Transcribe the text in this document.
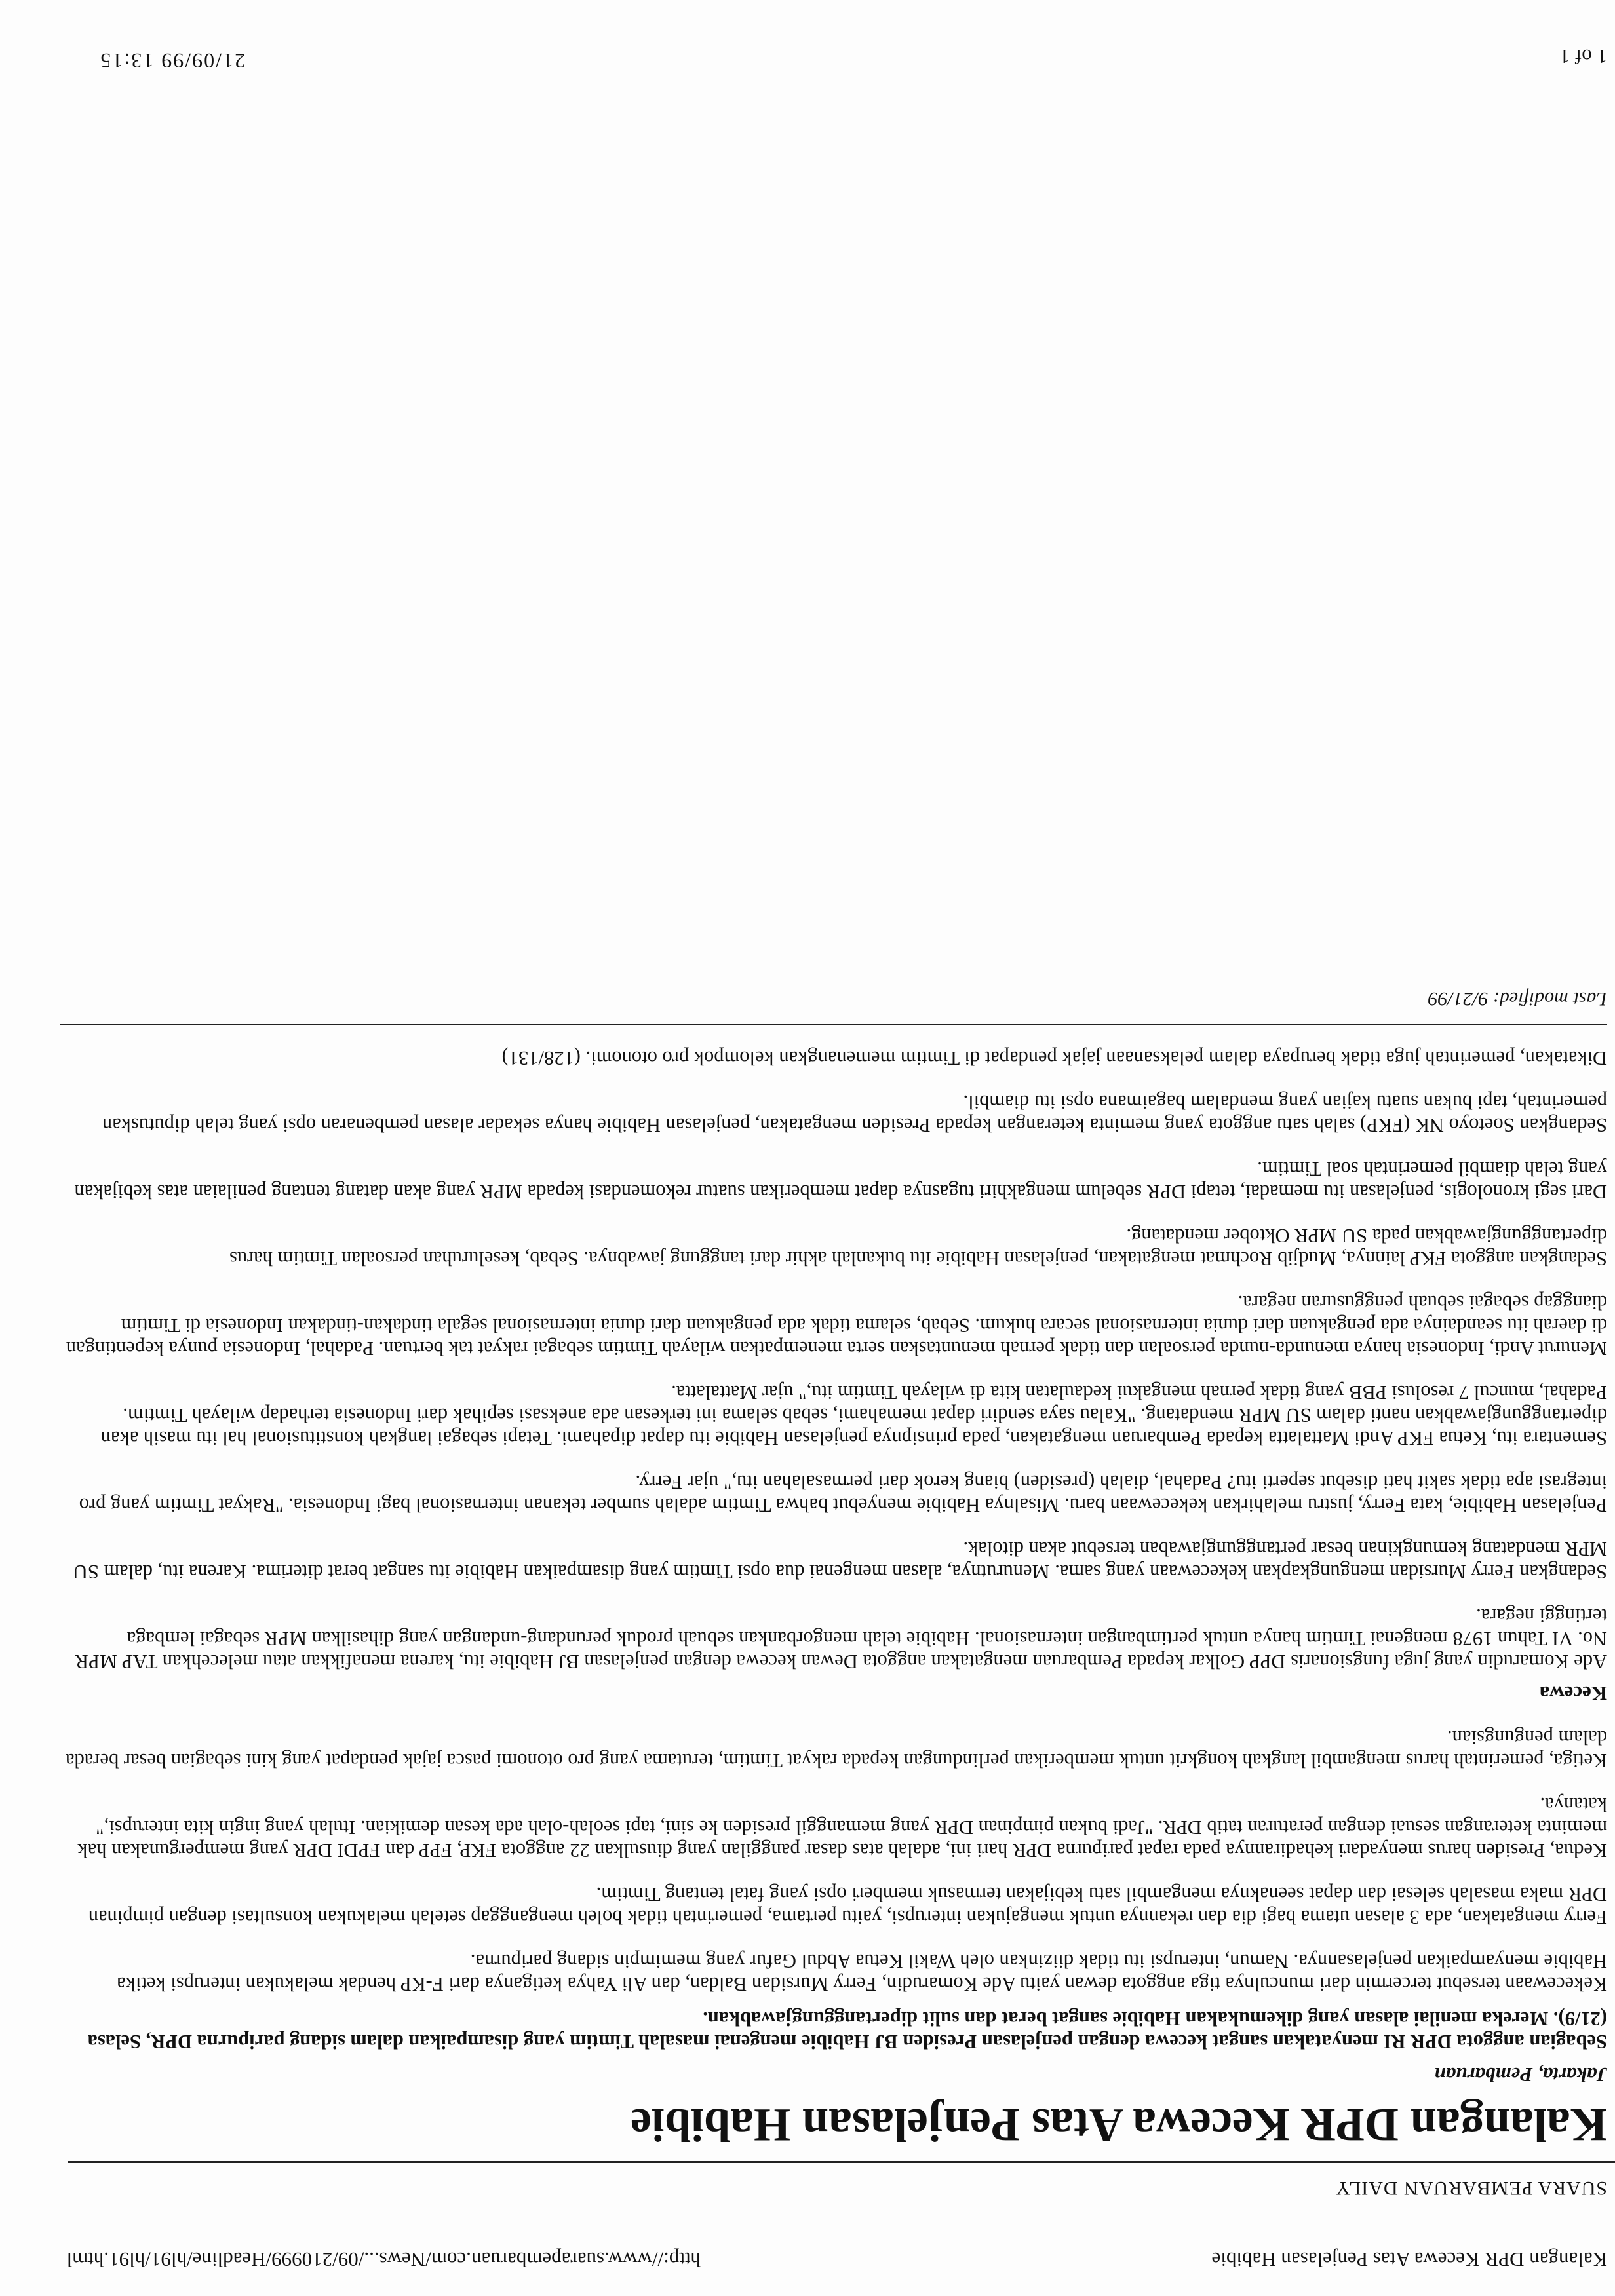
Kalangan DPR Kecewa Atas Penjelasan Habibie
http://www.suarapembaruan.com/News.../09/210999/Headline/hl91/hl91.html
SUARA PEMBARUAN DAILY
Kalangan DPR Kecewa Atas Penjelasan Habibie
Jakarta, Pembaruan
Sebagian anggota DPR RI menyatakan sangat kecewa dengan penjelasan Presiden BJ Habibie mengenai masalah Timtim yang disampaikan dalam sidang paripurna DPR, Selasa (21/9). Mereka menilai alasan yang dikemukakan Habibie sangat berat dan sulit dipertanggungjawabkan.

Kekecewaan tersebut tercermin dari munculnya tiga anggota dewan yaitu Ade Komarudin, Ferry Mursidan Baldan, dan Ali Yahya ketiganya dari F-KP hendak melakukan interupsi ketika Habibie menyampaikan penjelasannya. Namun, interupsi itu tidak diizinkan oleh Wakil Ketua Abdul Gafur yang memimpin sidang paripurna.

Ferry mengatakan, ada 3 alasan utama bagi dia dan rekannya untuk mengajukan interupsi, yaitu pertama, pemerintah tidak boleh menganggap setelah melakukan konsultasi dengan pimpinan DPR maka masalah selesai dan dapat seenaknya mengambil satu kebijakan termasuk memberi opsi yang fatal tentang Timtim.

Kedua, Presiden harus menyadari kehadirannya pada rapat paripurna DPR hari ini, adalah atas dasar panggilan yang diusulkan 22 anggota FKP, FPP dan FPDI DPR yang mempergunakan hak meminta keterangan sesuai dengan peraturan tatib DPR. "Jadi bukan pimpinan DPR yang memanggil presiden ke sini, tapi seolah-olah ada kesan demikian. Itulah yang ingin kita interupsi," katanya.

Ketiga, pemerintah harus mengambil langkah kongkrit untuk memberikan perlindungan kepada rakyat Timtim, terutama yang pro otonomi pasca jajak pendapat yang kini sebagian besar berada dalam pengungsian.

Kecewa

Ade Komarudin yang juga fungsionaris DPP Golkar kepada Pembaruan mengatakan anggota Dewan kecewa dengan penjelasan BJ Habibie itu, karena menafikkan atau melecehkan TAP MPR No. VI Tahun 1978 mengenai Timtim hanya untuk pertimbangan internasional. Habibie telah mengorbankan sebuah produk perundang-undangan yang dihasilkan MPR sebagai lembaga tertinggi negara.

Sedangkan Ferry Mursidan mengungkapkan kekecewaan yang sama. Menurutnya, alasan mengenai dua opsi Timtim yang disampaikan Habibie itu sangat berat diterima. Karena itu, dalam SU MPR mendatang kemungkinan besar pertanggungjawaban tersebut akan ditolak.

Penjelasan Habibie, kata Ferry, justru melahirkan kekecewaan baru. Misalnya Habibie menyebut bahwa Timtim adalah sumber tekanan internasional bagi Indonesia. "Rakyat Timtim yang pro integrasi apa tidak sakit hati disebut seperti itu? Padahal, dialah (presiden) biang kerok dari permasalahan itu," ujar Ferry.

Sementara itu, Ketua FKP Andi Mattalatta kepada Pembaruan mengatakan, pada prinsipnya penjelasan Habibie itu dapat dipahami. Tetapi sebagai langkah konstitusional hal itu masih akan dipertanggungjawabkan nanti dalam SU MPR mendatang. "Kalau saya sendiri dapat memahami, sebab selama ini terkesan ada aneksasi sepihak dari Indonesia terhadap wilayah Timtim. Padahal, muncul 7 resolusi PBB yang tidak pernah mengakui kedaulatan kita di wilayah Timtim itu," ujar Mattalatta.

Menurut Andi, Indonesia hanya menunda-nunda persoalan dan tidak pernah menuntaskan serta menempatkan wilayah Timtim sebagai rakyat tak bertuan. Padahal, Indonesia punya kepentingan di daerah itu seandainya ada pengakuan dari dunia internasional secara hukum. Sebab, selama tidak ada pengakuan dari dunia internasional segala tindakan-tindakan Indonesia di Timtim dianggap sebagai sebuah penggusuran negara.

Sedangkan anggota FKP lainnya, Mudjib Rochmat mengatakan, penjelasan Habibie itu bukanlah akhir dari tanggung jawabnya. Sebab, keseluruhan persoalan Timtim harus dipertanggungjawabkan pada SU MPR Oktober mendatang.

Dari segi kronologis, penjelasan itu memadai, tetapi DPR sebelum mengakhiri tugasnya dapat memberikan suatur rekomendasi kepada MPR yang akan datang tentang penilaian atas kebijakan yang telah diambil pemerintah soal Timtim.

Sedangkan Soetoyo NK (FKP) salah satu anggota yang meminta keterangan kepada Presiden mengatakan, penjelasan Habibie hanya sekadar alasan pembenaran opsi yang telah diputuskan pemerintah, tapi bukan suatu kajian yang mendalam bagaimana opsi itu diambil.

Dikatakan, pemerintah juga tidak berupaya dalam pelaksanaan jajak pendapat di Timtim memenangkan kelompok pro otonomi. (128/131)

Last modified: 9/21/99
21/09/99 13:15	1 of 1
